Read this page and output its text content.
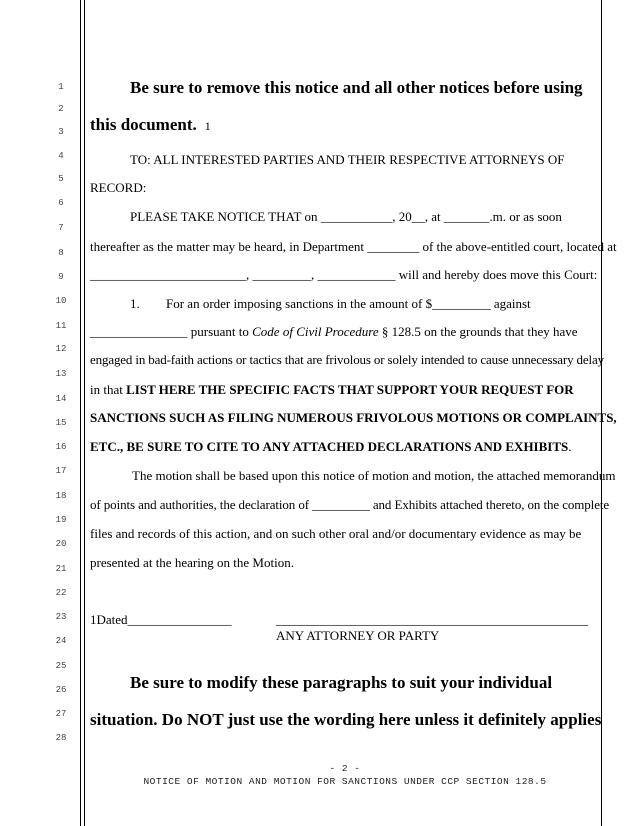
1
2
3
4
5
6
7
8
9
10
11
12
13
14
15
16
17
18
19
20
21
22
23
24
25
26
27
28
Be sure to remove this notice and all other notices before using
this document. 1
TO: ALL INTERESTED PARTIES AND THEIR RESPECTIVE ATTORNEYS OF
RECORD:
PLEASE TAKE NOTICE THAT on ___________, 20__, at _______.m. or as soon
thereafter as the matter may be heard, in Department ________ of the above-entitled court, located at
________________________, _________, ____________ will and hereby does move this Court:
1. For an order imposing sanctions in the amount of $_________ against
_______________ pursuant to Code of Civil Procedure § 128.5 on the grounds that they have
engaged in bad-faith actions or tactics that are frivolous or solely intended to cause unnecessary delay
in that LIST HERE THE SPECIFIC FACTS THAT SUPPORT YOUR REQUEST FOR
SANCTIONS SUCH AS FILING NUMEROUS FRIVOLOUS MOTIONS OR COMPLAINTS,
ETC., BE SURE TO CITE TO ANY ATTACHED DECLARATIONS AND EXHIBITS.
The motion shall be based upon this notice of motion and motion, the attached memorandum
of points and authorities, the declaration of _________ and Exhibits attached thereto, on the complete
files and records of this action, and on such other oral and/or documentary evidence as may be
presented at the hearing on the Motion.
1Dated________________	________________________________________________
ANY ATTORNEY OR PARTY
Be sure to modify these paragraphs to suit your individual
situation. Do NOT just use the wording here unless it definitely applies
- 2 -
NOTICE OF MOTION AND MOTION FOR SANCTIONS UNDER CCP SECTION 128.5
